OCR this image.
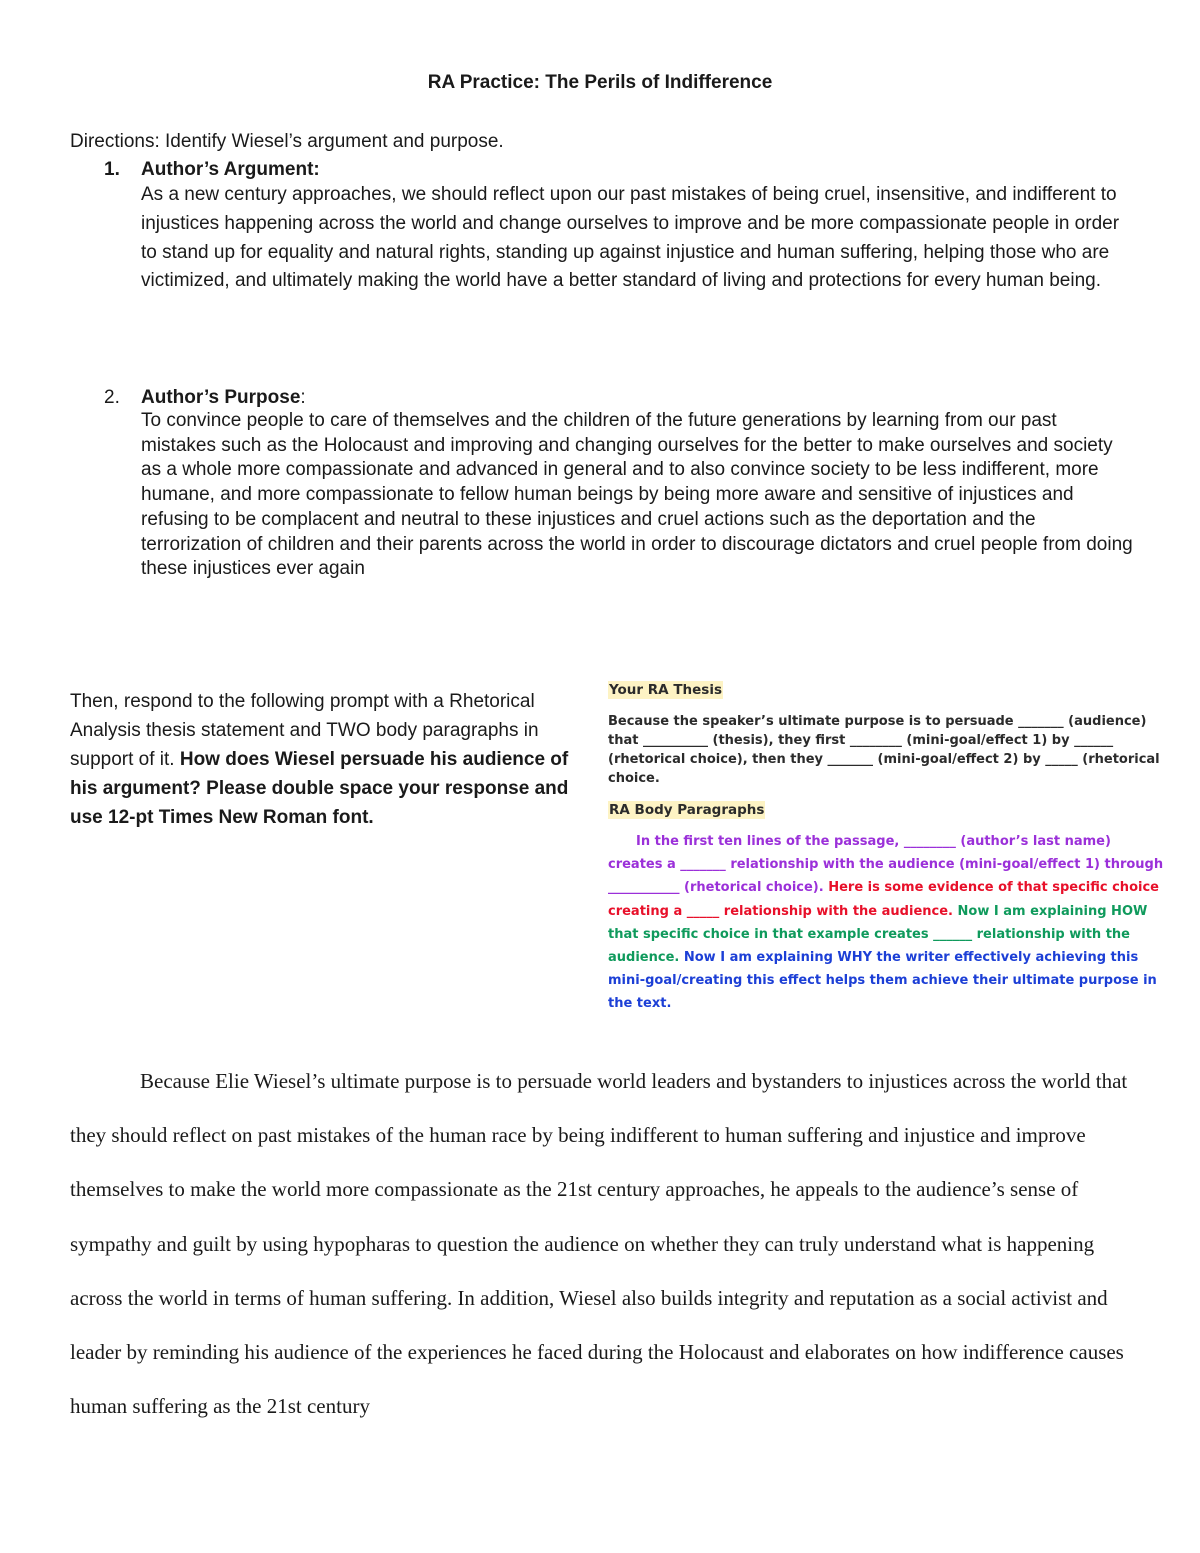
RA Practice: The Perils of Indifference
Directions: Identify Wiesel’s argument and purpose.
1. Author’s Argument:
As a new century approaches, we should reflect upon our past mistakes of being cruel, insensitive, and indifferent to injustices happening across the world and change ourselves to improve and be more compassionate people in order to stand up for equality and natural rights, standing up against injustice and human suffering, helping those who are victimized, and ultimately making the world have a better standard of living and protections for every human being.
2. Author’s Purpose:
To convince people to care of themselves and the children of the future generations by learning from our past mistakes such as the Holocaust and improving and changing ourselves for the better to make ourselves and society as a whole more compassionate and advanced in general and to also convince society to be less indifferent, more humane, and more compassionate to fellow human beings by being more aware and sensitive of injustices and refusing to be complacent and neutral to these injustices and cruel actions such as the deportation and the terrorization of children and their parents across the world in order to discourage dictators and cruel people from doing these injustices ever again
Then, respond to the following prompt with a Rhetorical Analysis thesis statement and TWO body paragraphs in support of it. How does Wiesel persuade his audience of his argument? Please double space your response and use 12-pt Times New Roman font.
Your RA Thesis
Because the speaker’s ultimate purpose is to persuade _______ (audience) that __________ (thesis), they first ________ (mini-goal/effect 1) by ______ (rhetorical choice), then they _______ (mini-goal/effect 2) by _____ (rhetorical choice.
RA Body Paragraphs
In the first ten lines of the passage, ________ (author’s last name) creates a _______ relationship with the audience (mini-goal/effect 1) through ___________ (rhetorical choice). Here is some evidence of that specific choice creating a _____ relationship with the audience. Now I am explaining HOW that specific choice in that example creates ______ relationship with the audience. Now I am explaining WHY the writer effectively achieving this mini-goal/creating this effect helps them achieve their ultimate purpose in the text.
Because Elie Wiesel’s ultimate purpose is to persuade world leaders and bystanders to injustices across the world that they should reflect on past mistakes of the human race by being indifferent to human suffering and injustice and improve themselves to make the world more compassionate as the 21st century approaches, he appeals to the audience’s sense of sympathy and guilt by using hypopharas to question the audience on whether they can truly understand what is happening across the world in terms of human suffering. In addition, Wiesel also builds integrity and reputation as a social activist and leader by reminding his audience of the experiences he faced during the Holocaust and elaborates on how indifference causes human suffering as the 21st century
